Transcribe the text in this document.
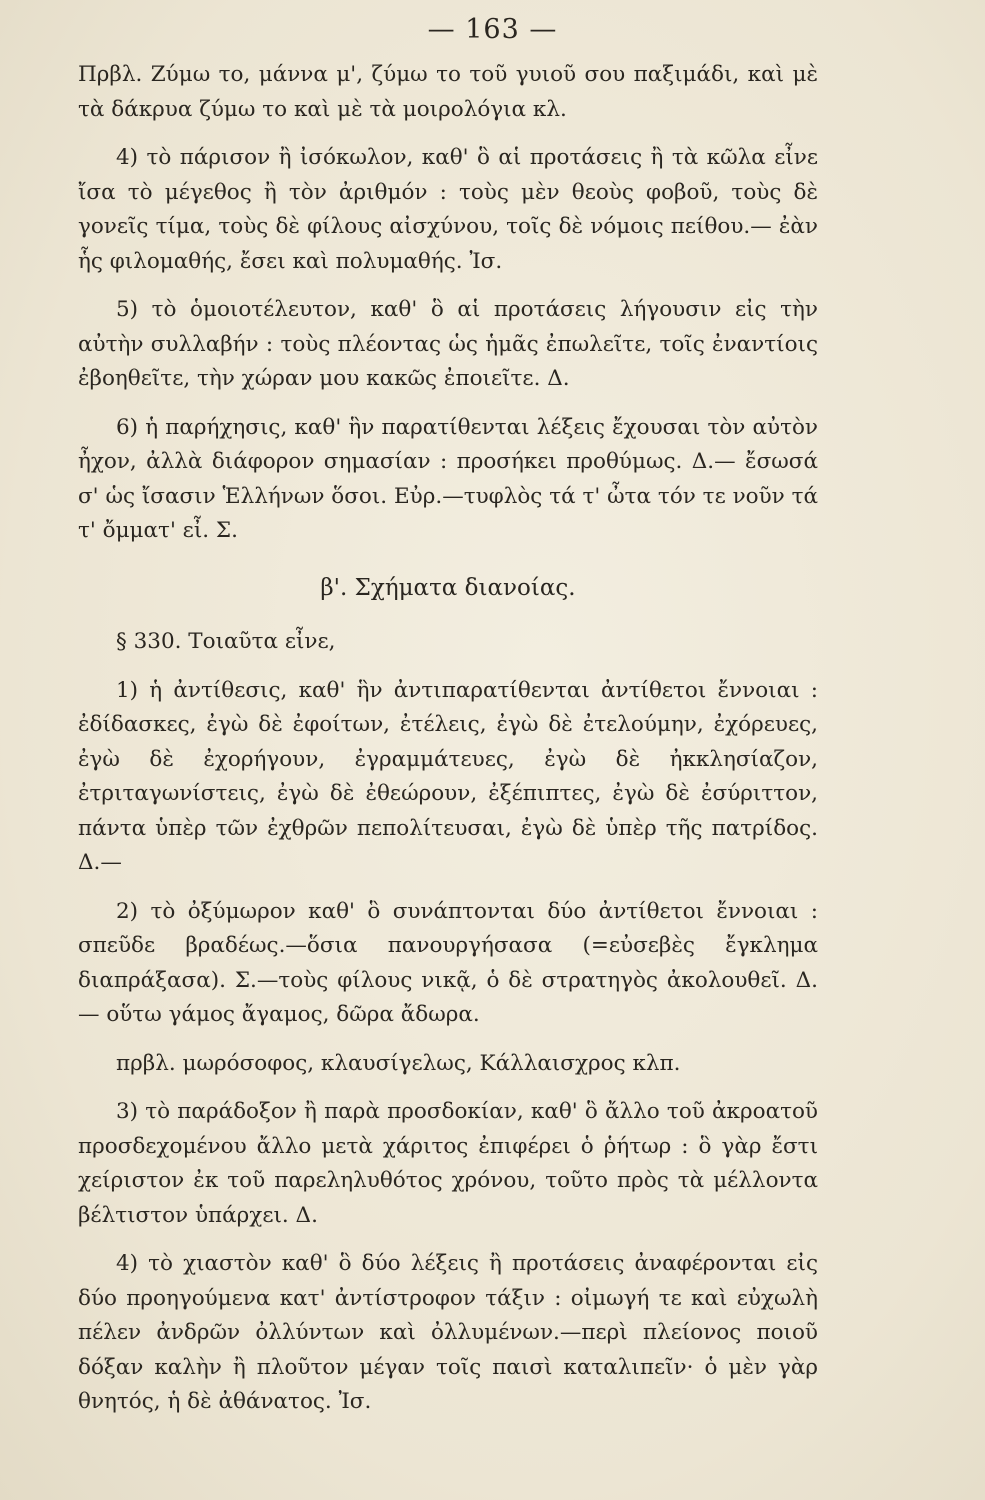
— 163 —

Πρβλ. Ζύμω το, μάννα μ', ζύμω το τοῦ γυιοῦ σου παξιμάδι, καὶ μὲ τὰ δάκρυα ζύμω το καὶ μὲ τὰ μοιρολόγια κλ.

4) τὸ πάρισον ἢ ἰσόκωλον, καθ' ὃ αἱ προτάσεις ἢ τὰ κῶλα εἶνε ἴσα τὸ μέγεθος ἢ τὸν ἀριθμόν : τοὺς μὲν θεοὺς φοβοῦ, τοὺς δὲ γονεῖς τίμα, τοὺς δὲ φίλους αἰσχύνου, τοῖς δὲ νόμοις πείθου.— ἐὰν ἧς φιλομαθής, ἔσει καὶ πολυμαθής. Ἰσ.

5) τὸ ὁμοιοτέλευτον, καθ' ὃ αἱ προτάσεις λήγουσιν εἰς τὴν αὐτὴν συλλαβήν : τοὺς πλέοντας ὡς ἡμᾶς ἐπωλεῖτε, τοῖς ἐναντίοις ἐβοηθεῖτε, τὴν χώραν μου κακῶς ἐποιεῖτε. Δ.

6) ἡ παρήχησις, καθ' ἣν παρατίθενται λέξεις ἔχουσαι τὸν αὐτὸν ἦχον, ἀλλὰ διάφορον σημασίαν : προσήκει προθύμως. Δ.— ἔσωσά σ' ὡς ἴσασιν Ἑλλήνων ὅσοι. Εὐρ.—τυφλὸς τά τ' ὦτα τόν τε νοῦν τά τ' ὄμματ' εἶ. Σ.

β'. Σχήματα διανοίας.

§ 330. Τοιαῦτα εἶνε,

1) ἡ ἀντίθεσις, καθ' ἣν ἀντιπαρατίθενται ἀντίθετοι ἔννοιαι : ἐδίδασκες, ἐγὼ δὲ ἐφοίτων, ἐτέλεις, ἐγὼ δὲ ἐτελούμην, ἐχόρευες, ἐγὼ δὲ ἐχορήγουν, ἐγραμμάτευες, ἐγὼ δὲ ἠκκλησίαζον, ἐτριταγωνίστεις, ἐγὼ δὲ ἐθεώρουν, ἐξέπιπτες, ἐγὼ δὲ ἐσύριττον, πάντα ὑπὲρ τῶν ἐχθρῶν πεπολίτευσαι, ἐγὼ δὲ ὑπὲρ τῆς πατρίδος. Δ.—

2) τὸ ὀξύμωρον καθ' ὃ συνάπτονται δύο ἀντίθετοι ἔννοιαι : σπεῦδε βραδέως.—ὅσια πανουργήσασα (=εὐσεβὲς ἔγκλημα διαπράξασα). Σ.—τοὺς φίλους νικᾷ, ὁ δὲ στρατηγὸς ἀκολουθεῖ. Δ.— οὕτω γάμος ἄγαμος, δῶρα ἄδωρα.

πρβλ. μωρόσοφος, κλαυσίγελως, Κάλλαισχρος κλπ.

3) τὸ παράδοξον ἢ παρὰ προσδοκίαν, καθ' ὃ ἄλλο τοῦ ἀκροατοῦ προσδεχομένου ἄλλο μετὰ χάριτος ἐπιφέρει ὁ ῥήτωρ : ὃ γὰρ ἔστι χείριστον ἐκ τοῦ παρεληλυθότος χρόνου, τοῦτο πρὸς τὰ μέλλοντα βέλτιστον ὑπάρχει. Δ.

4) τὸ χιαστὸν καθ' ὃ δύο λέξεις ἢ προτάσεις ἀναφέρονται εἰς δύο προηγούμενα κατ' ἀντίστροφον τάξιν : οἰμωγή τε καὶ εὐχωλὴ πέλεν ἀνδρῶν ὀλλύντων καὶ ὀλλυμένων.—περὶ πλείονος ποιοῦ δόξαν καλὴν ἢ πλοῦτον μέγαν τοῖς παισὶ καταλιπεῖν· ὁ μὲν γὰρ θνητός, ἡ δὲ ἀθάνατος. Ἰσ.
